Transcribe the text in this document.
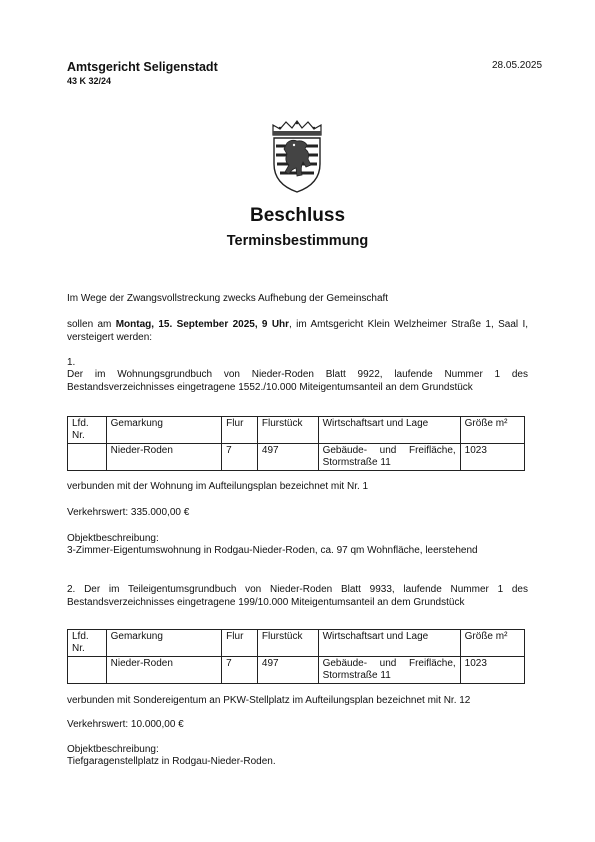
Amtsgericht Seligenstadt
43 K 32/24
28.05.2025
Beschluss
Terminsbestimmung
Im Wege der Zwangsvollstreckung zwecks Aufhebung der Gemeinschaft
sollen am Montag, 15. September 2025, 9 Uhr, im Amtsgericht Klein Welzheimer Straße 1, Saal I, versteigert werden:
1.
Der im Wohnungsgrundbuch von Nieder-Roden Blatt 9922, laufende Nummer 1 des Bestandsverzeichnisses eingetragene 1552./10.000 Miteigentumsanteil an dem Grundstück
Lfd. Nr.	Gemarkung	Flur	Flurstück	Wirtschaftsart und Lage	Größe m²
	Nieder-Roden	7	497	Gebäude- und Freifläche, Stormstraße 11	1023
verbunden mit der Wohnung im Aufteilungsplan bezeichnet mit Nr. 1
Verkehrswert: 335.000,00 €
Objektbeschreibung:
3-Zimmer-Eigentumswohnung in Rodgau-Nieder-Roden, ca. 97 qm Wohnfläche, leerstehend
2. Der im Teileigentumsgrundbuch von Nieder-Roden Blatt 9933, laufende Nummer 1 des Bestandsverzeichnisses eingetragene 199/10.000 Miteigentumsanteil an dem Grundstück
Lfd. Nr.	Gemarkung	Flur	Flurstück	Wirtschaftsart und Lage	Größe m²
	Nieder-Roden	7	497	Gebäude- und Freifläche, Stormstraße 11	1023
verbunden mit Sondereigentum an PKW-Stellplatz im Aufteilungsplan bezeichnet mit Nr. 12
Verkehrswert: 10.000,00 €
Objektbeschreibung:
Tiefgaragenstellplatz in Rodgau-Nieder-Roden.
